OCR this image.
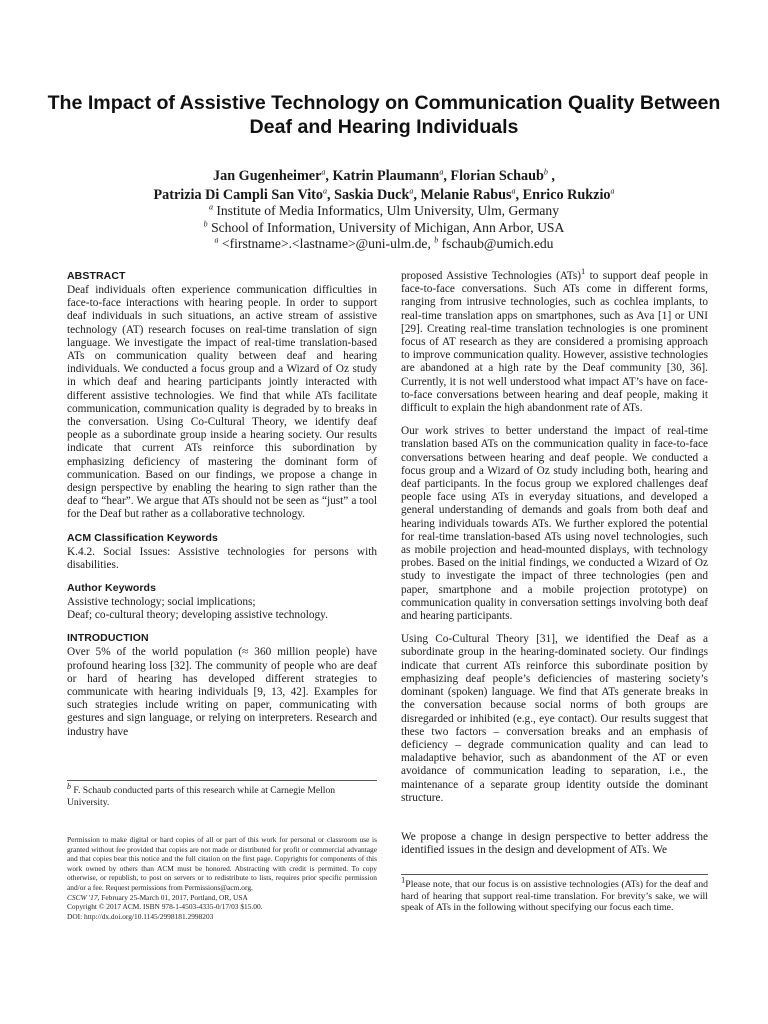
The Impact of Assistive Technology on Communication Quality Between Deaf and Hearing Individuals
Jan Gugenheimer$^a$, Katrin Plaumann$^a$, Florian Schaub$^b$ ,
Patrizia Di Campli San Vito$^a$, Saskia Duck$^a$, Melanie Rabus$^a$, Enrico Rukzio$^a$
$^a$ Institute of Media Informatics, Ulm University, Ulm, Germany
$^b$ School of Information, University of Michigan, Ann Arbor, USA
$^a$ <firstname>.<lastname>@uni-ulm.de, $^b$ fschaub@umich.edu
ABSTRACT

Deaf individuals often experience communication difficulties in face-to-face interactions with hearing people. In order to support deaf individuals in such situations, an active stream of assistive technology (AT) research focuses on real-time translation of sign language. We investigate the impact of real-time translation-based ATs on communication quality between deaf and hearing individuals. We conducted a focus group and a Wizard of Oz study in which deaf and hearing participants jointly interacted with different assistive technologies. We find that while ATs facilitate communication, communication quality is degraded by to breaks in the conversation. Using Co-Cultural Theory, we identify deaf people as a subordinate group inside a hearing society. Our results indicate that current ATs reinforce this subordination by emphasizing deficiency of mastering the dominant form of communication. Based on our findings, we propose a change in design perspective by enabling the hearing to sign rather than the deaf to “hear”. We argue that ATs should not be seen as “just” a tool for the Deaf but rather as a collaborative technology.

ACM Classification Keywords

K.4.2. Social Issues: Assistive technologies for persons with disabilities.

Author Keywords

Assistive technology; social implications;

Deaf; co-cultural theory; developing assistive technology.

INTRODUCTION

Over 5% of the world population (≈ 360 million people) have profound hearing loss [32]. The community of people who are deaf or hard of hearing has developed different strategies to communicate with hearing individuals [9, 13, 42]. Examples for such strategies include writing on paper, communicating with gestures and sign language, or relying on interpreters. Research and industry have

$^b$ F. Schaub conducted parts of this research while at Carnegie Mellon University.

Permission to make digital or hard copies of all or part of this work for personal or classroom use is granted without fee provided that copies are not made or distributed for profit or commercial advantage and that copies bear this notice and the full citation on the first page. Copyrights for components of this work owned by others than ACM must be honored. Abstracting with credit is permitted. To copy otherwise, or republish, to post on servers or to redistribute to lists, requires prior specific permission and/or a fee. Request permissions from Permissions@acm.org.

CSCW '17, February 25-March 01, 2017, Portland, OR, USA

Copyright © 2017 ACM. ISBN 978-1-4503-4335-0/17/03 $15.00.

DOI: http://dx.doi.org/10.1145/2998181.2998203

proposed Assistive Technologies (ATs)$^1$ to support deaf people in face-to-face conversations. Such ATs come in different forms, ranging from intrusive technologies, such as cochlea implants, to real-time translation apps on smartphones, such as Ava [1] or UNI [29]. Creating real-time translation technologies is one prominent focus of AT research as they are considered a promising approach to improve communication quality. However, assistive technologies are abandoned at a high rate by the Deaf community [30, 36]. Currently, it is not well understood what impact AT’s have on face-to-face conversations between hearing and deaf people, making it difficult to explain the high abandonment rate of ATs.

Our work strives to better understand the impact of real-time translation based ATs on the communication quality in face-to-face conversations between hearing and deaf people. We conducted a focus group and a Wizard of Oz study including both, hearing and deaf participants. In the focus group we explored challenges deaf people face using ATs in everyday situations, and developed a general understanding of demands and goals from both deaf and hearing individuals towards ATs. We further explored the potential for real-time translation-based ATs using novel technologies, such as mobile projection and head-mounted displays, with technology probes. Based on the initial findings, we conducted a Wizard of Oz study to investigate the impact of three technologies (pen and paper, smartphone and a mobile projection prototype) on communication quality in conversation settings involving both deaf and hearing participants.

Using Co-Cultural Theory [31], we identified the Deaf as a subordinate group in the hearing-dominated society. Our findings indicate that current ATs reinforce this subordinate position by emphasizing deaf people’s deficiencies of mastering society’s dominant (spoken) language. We find that ATs generate breaks in the conversation because social norms of both groups are disregarded or inhibited (e.g., eye contact). Our results suggest that these two factors – conversation breaks and an emphasis of deficiency – degrade communication quality and can lead to maladaptive behavior, such as abandonment of the AT or even avoidance of communication leading to separation, i.e., the maintenance of a separate group identity outside the dominant structure.

We propose a change in design perspective to better address the identified issues in the design and development of ATs. We
$^1$Please note, that our focus is on assistive technologies (ATs) for the deaf and hard of hearing that support real-time translation. For brevity’s sake, we will speak of ATs in the following without specifying our focus each time.
